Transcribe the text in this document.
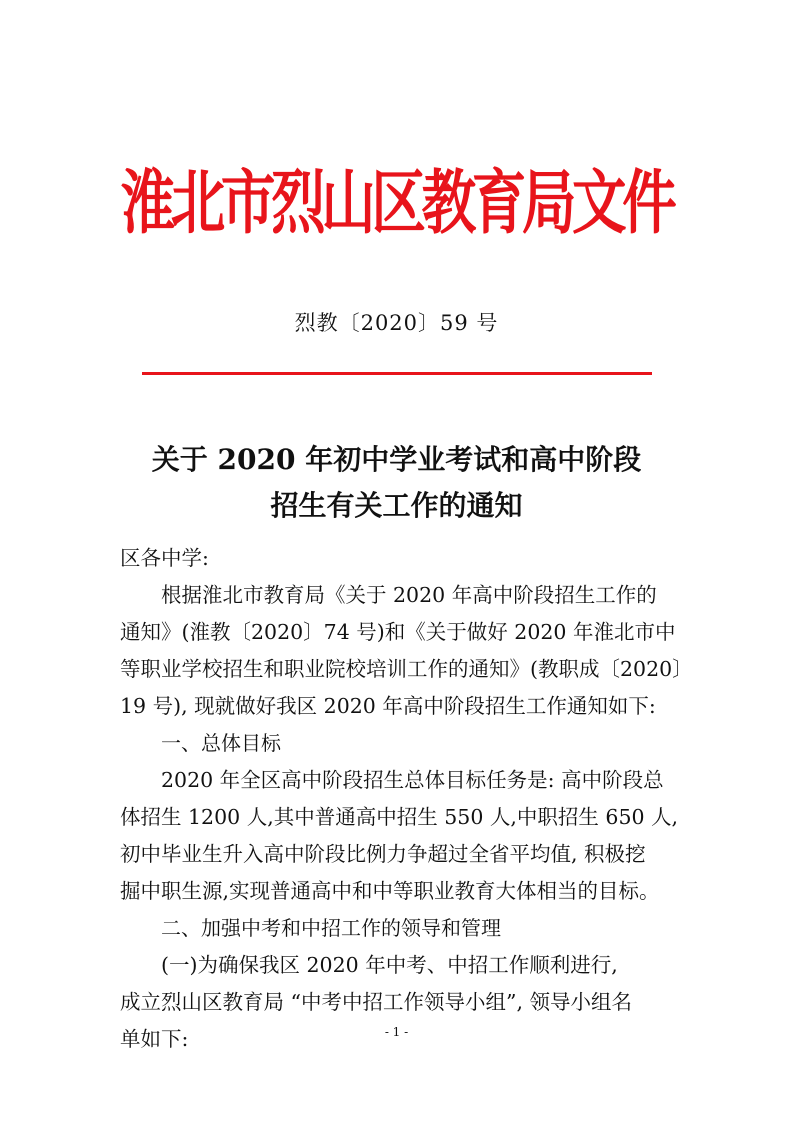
淮北市烈山区教育局文件
烈教〔2020〕59 号
关于 2020 年初中学业考试和高中阶段
招生有关工作的通知
区各中学:
根据淮北市教育局《关于 2020 年高中阶段招生工作的
通知》(淮教〔2020〕74 号)和《关于做好 2020 年淮北市中
等职业学校招生和职业院校培训工作的通知》(教职成〔2020〕
19 号), 现就做好我区 2020 年高中阶段招生工作通知如下:
一、总体目标
2020 年全区高中阶段招生总体目标任务是: 高中阶段总
体招生 1200 人,其中普通高中招生 550 人,中职招生 650 人,
初中毕业生升入高中阶段比例力争超过全省平均值, 积极挖
掘中职生源,实现普通高中和中等职业教育大体相当的目标。
二、加强中考和中招工作的领导和管理
(一)为确保我区 2020 年中考、中招工作顺利进行,
成立烈山区教育局 “中考中招工作领导小组”, 领导小组名
单如下:	- 1 -
